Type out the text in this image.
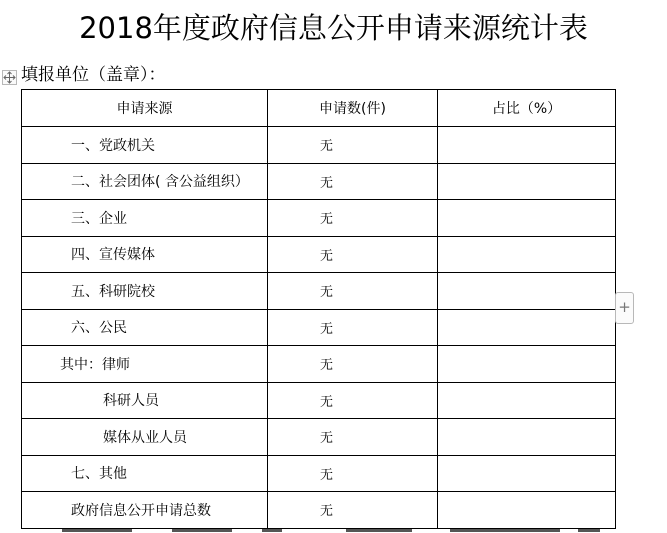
2018年度政府信息公开申请来源统计表
填报单位（盖章）：
申请来源	申请数(件)	占比（%）
一、党政机关	无	
二、社会团体( 含公益组织）	无	
三、企业	无	
四、宣传媒体	无	
五、科研院校	无	
六、公民	无	
其中：律师	无	
科研人员	无	
媒体从业人员	无	
七、其他	无	
政府信息公开申请总数	无	
+
